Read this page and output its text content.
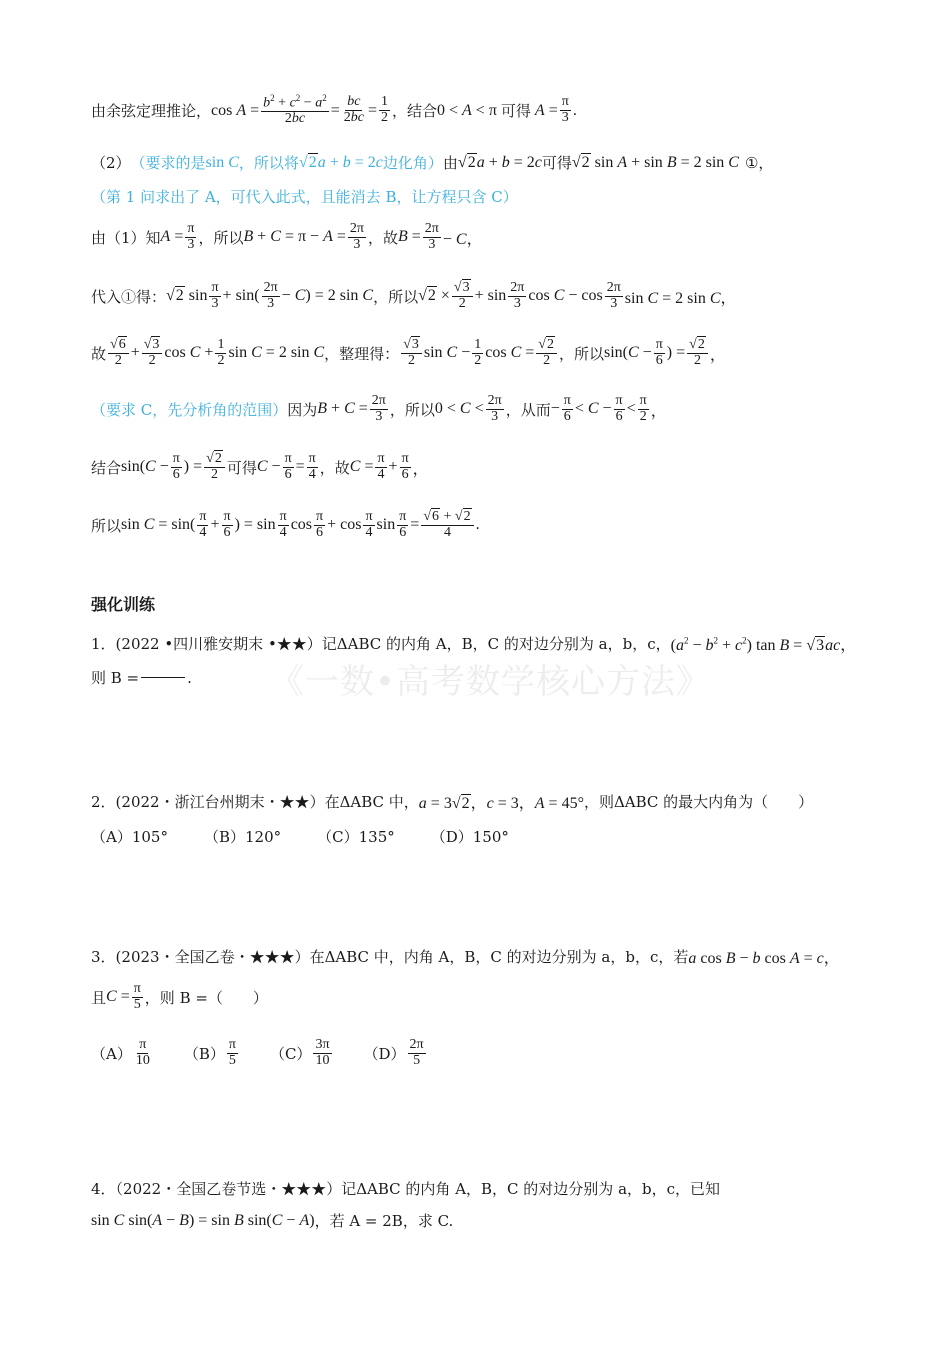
《一数•高考数学核心方法》
由余弦定理推论， $\cos A = \frac{b^2 + c^2 - a^2}{2bc} = \frac{bc}{2bc} = \frac{1}{2}$ ，结合 0 < A < π 可得 $A = \frac{\pi}{3}$ .
（2） （要求的是 sin C ，所以将 √2a + b = 2c 边化角） 由 √2a + b = 2c 可得 √2 sin A + sin B = 2 sin C ①，
（第 1 问求出了 A，可代入此式，且能消去 B，让方程只含 C）
由（1）知 $A = \frac{\pi}{3}$ ，所以 $B + C = \pi - A = \frac{2\pi}{3}$ ，故 $B = \frac{2\pi}{3} - C$，
代入①得： √2 $\sin \frac{\pi}{3} + \sin( \frac{2\pi}{3} - C) = 2$ sin C ，所以 $√2 \times \frac{√3}{2} + \sin \frac{2\pi}{3}$ $\cos C - \cos \frac{2\pi}{3}$ sin C = 2 sin C，
故 $\frac{√6}{2} + \frac{√3}{2}$ $\cos C + \frac{1}{2}$ sin C = 2 sin C ，整理得： $\frac{√3}{2}$ $\sin C - \frac{1}{2}$ $\cos C = \frac{√2}{2}$ ，所以 $\sin(C - \frac{\pi}{6}$ ) = $\frac{√2}{2}$ ，
（要求 C，先分析角的范围） 因为 $B + C = \frac{2\pi}{3}$ ，所以 $0 < C < \frac{2\pi}{3}$ ，从而 − $\frac{\pi}{6} < C - \frac{\pi}{6} < \frac{\pi}{2}$ ，
结合 $\sin(C - \frac{\pi}{6}$ ) = $\frac{√2}{2}$ 可得 $C - \frac{\pi}{6} = \frac{\pi}{4}$ ，故 $C = \frac{\pi}{4} + \frac{\pi}{6}$ ，
所以 $\sin C = \sin( \frac{\pi}{4} + \frac{\pi}{6}$ ) = $\sin \frac{\pi}{4}$ $\cos \frac{\pi}{6} + \cos \frac{\pi}{4}$ $\sin \frac{\pi}{6} = \frac{√6 + √2}{4}$ .
强化训练
1．(2022 •四川雅安期末 •★★）记ΔABC 的内角 A，B，C 的对边分别为 a，b，c， $(a^2 - b^2 + c^2)$ tan B = √3ac，
则 B =	.
2．(2022・浙江台州期末・★★）在ΔABC 中， a = 3√2，c = 3，A = 45° ，则ΔABC 的最大内角为（　　）
（A）105° （B）120° （C）135° （D）150°
3．(2023・全国乙卷・★★★）在ΔABC 中，内角 A，B，C 的对边分别为 a，b，c，若 a cos B − b cos A = c，
且 $C = \frac{\pi}{5}$ ，则 B =（　　）
$(A) \frac{\pi}{10} (B) \frac{\pi}{5} (C) \frac{3\pi}{10} (D) \frac{2\pi}{5}$
4．（2022・全国乙卷节选・★★★）记ΔABC 的内角 A，B，C 的对边分别为 a，b，c，已知
sin C sin(A − B) = sin B sin(C − A) ，若 A = 2B，求 C.
